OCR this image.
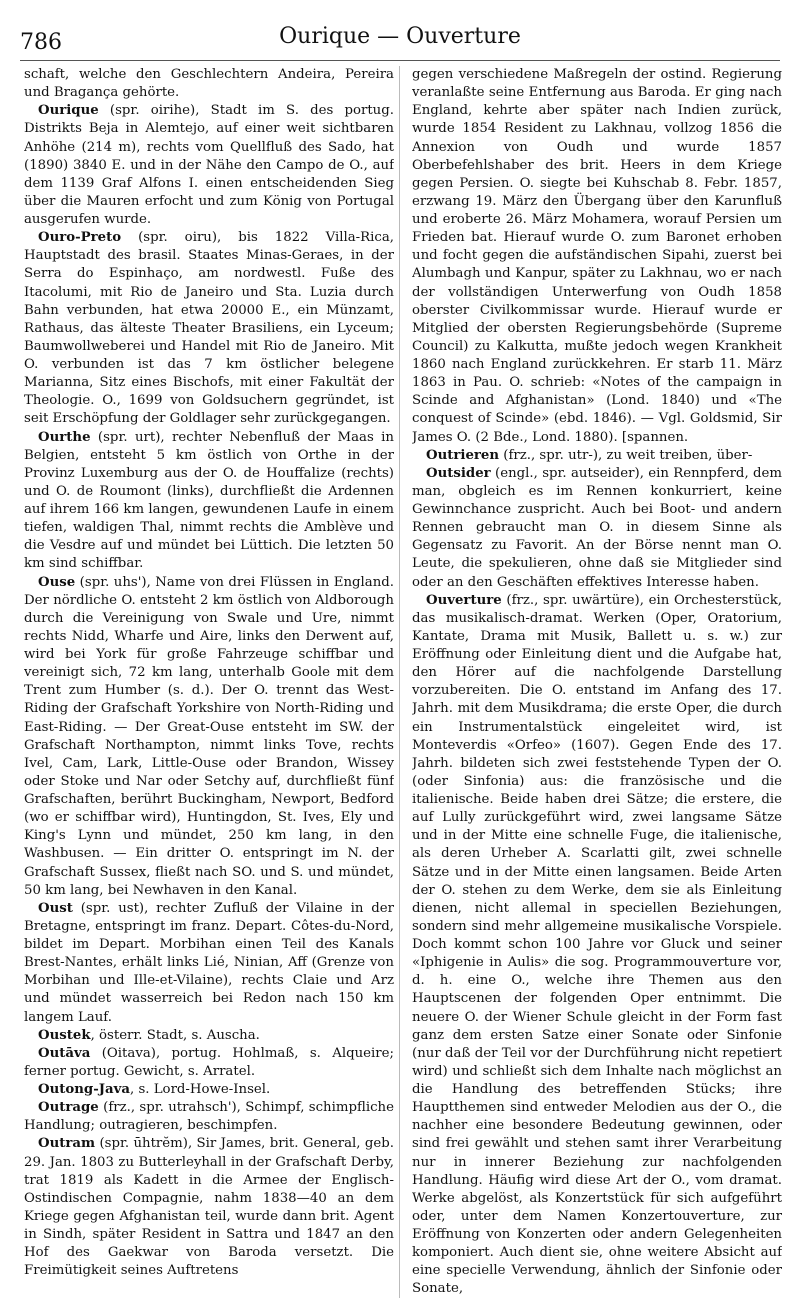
786	Ourique — Ouverture

schaft, welche den Geschlechtern Andeira, Pereira und Bragança gehörte.

Ourique (spr. oirihe), Stadt im S. des portug. Distrikts Beja in Alemtejo, auf einer weit sichtbaren Anhöhe (214 m), rechts vom Quellfluß des Sado, hat (1890) 3840 E. und in der Nähe den Campo de O., auf dem 1139 Graf Alfons I. einen entscheidenden Sieg über die Mauren erfocht und zum König von Portugal ausgerufen wurde.

Ouro-Preto (spr. oiru), bis 1822 Villa-Rica, Hauptstadt des brasil. Staates Minas-Geraes, in der Serra do Espinhaço, am nordwestl. Fuße des Itacolumi, mit Rio de Janeiro und Sta. Luzia durch Bahn verbunden, hat etwa 20000 E., ein Münzamt, Rathaus, das älteste Theater Brasiliens, ein Lyceum; Baumwollweberei und Handel mit Rio de Janeiro. Mit O. verbunden ist das 7 km östlicher belegene Marianna, Sitz eines Bischofs, mit einer Fakultät der Theologie. O., 1699 von Goldsuchern gegründet, ist seit Erschöpfung der Goldlager sehr zurückgegangen.

Ourthe (spr. urt), rechter Nebenfluß der Maas in Belgien, entsteht 5 km östlich von Orthe in der Provinz Luxemburg aus der O. de Houffalize (rechts) und O. de Roumont (links), durchfließt die Ardennen auf ihrem 166 km langen, gewundenen Laufe in einem tiefen, waldigen Thal, nimmt rechts die Amblève und die Vesdre auf und mündet bei Lüttich. Die letzten 50 km sind schiffbar.

Ouse (spr. uhs'), Name von drei Flüssen in England. Der nördliche O. entsteht 2 km östlich von Aldborough durch die Vereinigung von Swale und Ure, nimmt rechts Nidd, Wharfe und Aire, links den Derwent auf, wird bei York für große Fahrzeuge schiffbar und vereinigt sich, 72 km lang, unterhalb Goole mit dem Trent zum Humber (s. d.). Der O. trennt das West-Riding der Grafschaft Yorkshire von North-Riding und East-Riding. — Der Great-Ouse entsteht im SW. der Grafschaft Northampton, nimmt links Tove, rechts Ivel, Cam, Lark, Little-Ouse oder Brandon, Wissey oder Stoke und Nar oder Setchy auf, durchfließt fünf Grafschaften, berührt Buckingham, Newport, Bedford (wo er schiffbar wird), Huntingdon, St. Ives, Ely und King's Lynn und mündet, 250 km lang, in den Washbusen. — Ein dritter O. entspringt im N. der Grafschaft Sussex, fließt nach SO. und S. und mündet, 50 km lang, bei Newhaven in den Kanal.

Oust (spr. ust), rechter Zufluß der Vilaine in der Bretagne, entspringt im franz. Depart. Côtes-du-Nord, bildet im Depart. Morbihan einen Teil des Kanals Brest-Nantes, erhält links Lié, Ninian, Aff (Grenze von Morbihan und Ille-et-Vilaine), rechts Claie und Arz und mündet wasserreich bei Redon nach 150 km langem Lauf.

Oustek, österr. Stadt, s. Auscha.

Outāva (Oitava), portug. Hohlmaß, s. Alqueire; ferner portug. Gewicht, s. Arratel.

Outong-Java, s. Lord-Howe-Insel.

Outrage (frz., spr. utrahsch'), Schimpf, schimpfliche Handlung; outragieren, beschimpfen.

Outram (spr. ūhtrĕm), Sir James, brit. General, geb. 29. Jan. 1803 zu Butterleyhall in der Grafschaft Derby, trat 1819 als Kadett in die Armee der Englisch-Ostindischen Compagnie, nahm 1838—40 an dem Kriege gegen Afghanistan teil, wurde dann brit. Agent in Sindh, später Resident in Sattra und 1847 an den Hof des Gaekwar von Baroda versetzt. Die Freimütigkeit seines Auftretens

gegen verschiedene Maßregeln der ostind. Regierung veranlaßte seine Entfernung aus Baroda. Er ging nach England, kehrte aber später nach Indien zurück, wurde 1854 Resident zu Lakhnau, vollzog 1856 die Annexion von Oudh und wurde 1857 Oberbefehlshaber des brit. Heers in dem Kriege gegen Persien. O. siegte bei Kuhschab 8. Febr. 1857, erzwang 19. März den Übergang über den Karunfluß und eroberte 26. März Mohamera, worauf Persien um Frieden bat. Hierauf wurde O. zum Baronet erhoben und focht gegen die aufständischen Sipahi, zuerst bei Alumbagh und Kanpur, später zu Lakhnau, wo er nach der vollständigen Unterwerfung von Oudh 1858 oberster Civilkommissar wurde. Hierauf wurde er Mitglied der obersten Regierungsbehörde (Supreme Council) zu Kalkutta, mußte jedoch wegen Krankheit 1860 nach England zurückkehren. Er starb 11. März 1863 in Pau. O. schrieb: «Notes of the campaign in Scinde and Afghanistan» (Lond. 1840) und «The conquest of Scinde» (ebd. 1846). — Vgl. Goldsmid, Sir James O. (2 Bde., Lond. 1880). [spannen.

Outrieren (frz., spr. utr-), zu weit treiben, über-

Outsider (engl., spr. autseider), ein Rennpferd, dem man, obgleich es im Rennen konkurriert, keine Gewinnchance zuspricht. Auch bei Boot- und andern Rennen gebraucht man O. in diesem Sinne als Gegensatz zu Favorit. An der Börse nennt man O. Leute, die spekulieren, ohne daß sie Mitglieder sind oder an den Geschäften effektives Interesse haben.

Ouverture (frz., spr. uwärtüre), ein Orchesterstück, das musikalisch-dramat. Werken (Oper, Oratorium, Kantate, Drama mit Musik, Ballett u. s. w.) zur Eröffnung oder Einleitung dient und die Aufgabe hat, den Hörer auf die nachfolgende Darstellung vorzubereiten. Die O. entstand im Anfang des 17. Jahrh. mit dem Musikdrama; die erste Oper, die durch ein Instrumentalstück eingeleitet wird, ist Monteverdis «Orfeo» (1607). Gegen Ende des 17. Jahrh. bildeten sich zwei feststehende Typen der O. (oder Sinfonia) aus: die französische und die italienische. Beide haben drei Sätze; die erstere, die auf Lully zurückgeführt wird, zwei langsame Sätze und in der Mitte eine schnelle Fuge, die italienische, als deren Urheber A. Scarlatti gilt, zwei schnelle Sätze und in der Mitte einen langsamen. Beide Arten der O. stehen zu dem Werke, dem sie als Einleitung dienen, nicht allemal in speciellen Beziehungen, sondern sind mehr allgemeine musikalische Vorspiele. Doch kommt schon 100 Jahre vor Gluck und seiner «Iphigenie in Aulis» die sog. Programmouverture vor, d. h. eine O., welche ihre Themen aus den Hauptscenen der folgenden Oper entnimmt. Die neuere O. der Wiener Schule gleicht in der Form fast ganz dem ersten Satze einer Sonate oder Sinfonie (nur daß der Teil vor der Durchführung nicht repetiert wird) und schließt sich dem Inhalte nach möglichst an die Handlung des betreffenden Stücks; ihre Hauptthemen sind entweder Melodien aus der O., die nachher eine besondere Bedeutung gewinnen, oder sind frei gewählt und stehen samt ihrer Verarbeitung nur in innerer Beziehung zur nachfolgenden Handlung. Häufig wird diese Art der O., vom dramat. Werke abgelöst, als Konzertstück für sich aufgeführt oder, unter dem Namen Konzertouverture, zur Eröffnung von Konzerten oder andern Gelegenheiten komponiert. Auch dient sie, ohne weitere Absicht auf eine specielle Verwendung, ähnlich der Sinfonie oder Sonate,
